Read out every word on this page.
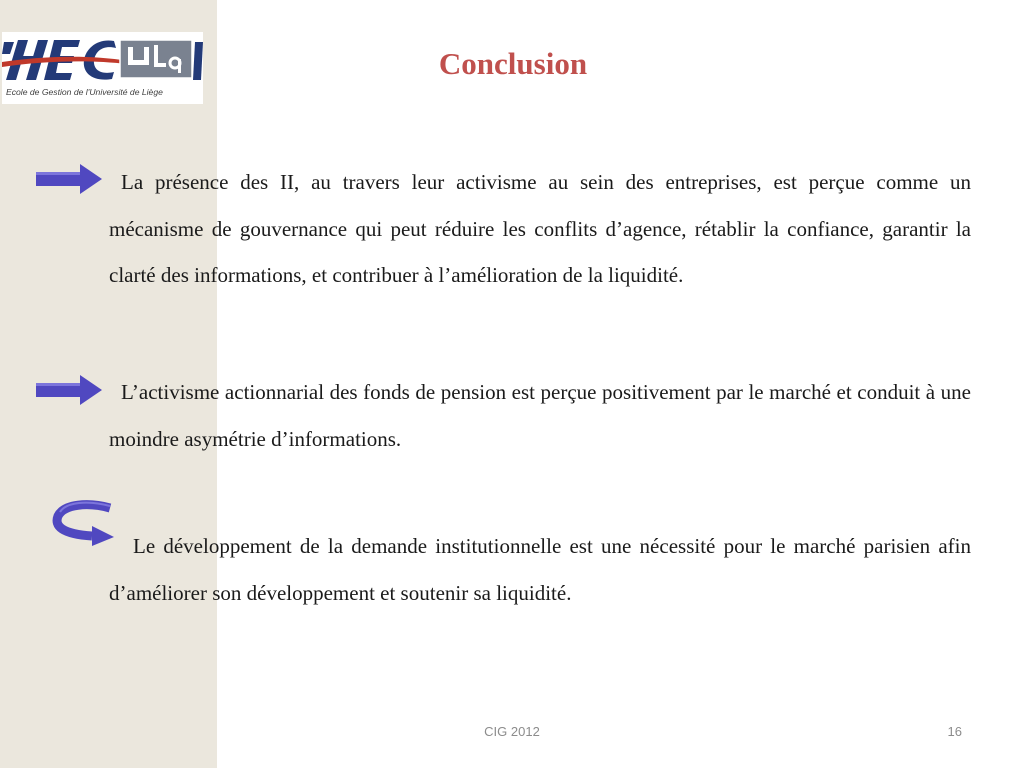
Ecole de Gestion de l'Université de Liège
Conclusion

La présence des II, au travers leur activisme au sein des entreprises, est perçue comme un mécanisme de gouvernance qui peut réduire les conflits d’agence, rétablir la confiance, garantir la clarté des informations, et contribuer à l’amélioration de la liquidité.

L’activisme actionnarial des fonds de pension est perçue positivement par le marché et conduit à une moindre asymétrie d’informations.

Le développement de la demande institutionnelle est une nécessité pour le marché parisien afin d’améliorer son développement et soutenir sa liquidité.

CIG 2012	16
